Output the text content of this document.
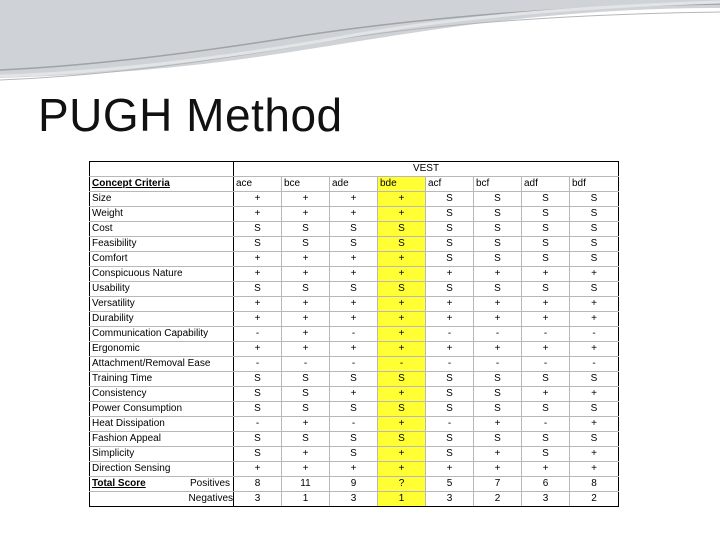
PUGH Method
	VEST							
Concept Criteria	ace	bce	ade	bde	acf	bcf	adf	bdf
Size	+	+	+	+	S	S	S	S
Weight	+	+	+	+	S	S	S	S
Cost	S	S	S	S	S	S	S	S
Feasibility	S	S	S	S	S	S	S	S
Comfort	+	+	+	+	S	S	S	S
Conspicuous Nature	+	+	+	+	+	+	+	+
Usability	S	S	S	S	S	S	S	S
Versatility	+	+	+	+	+	+	+	+
Durability	+	+	+	+	+	+	+	+
Communication Capability	-	+	-	+	-	-	-	-
Ergonomic	+	+	+	+	+	+	+	+
Attachment/Removal Ease	-	-	-	-	-	-	-	-
Training Time	S	S	S	S	S	S	S	S
Consistency	S	S	+	+	S	S	+	+
Power Consumption	S	S	S	S	S	S	S	S
Heat Dissipation	-	+	-	+	-	+	-	+
Fashion Appeal	S	S	S	S	S	S	S	S
Simplicity	S	+	S	+	S	+	S	+
Direction Sensing	+	+	+	+	+	+	+	+

Total Score Positives	8	11	9	?	5	7	6	8
Negatives	3	1	3	1	3	2	3	2
